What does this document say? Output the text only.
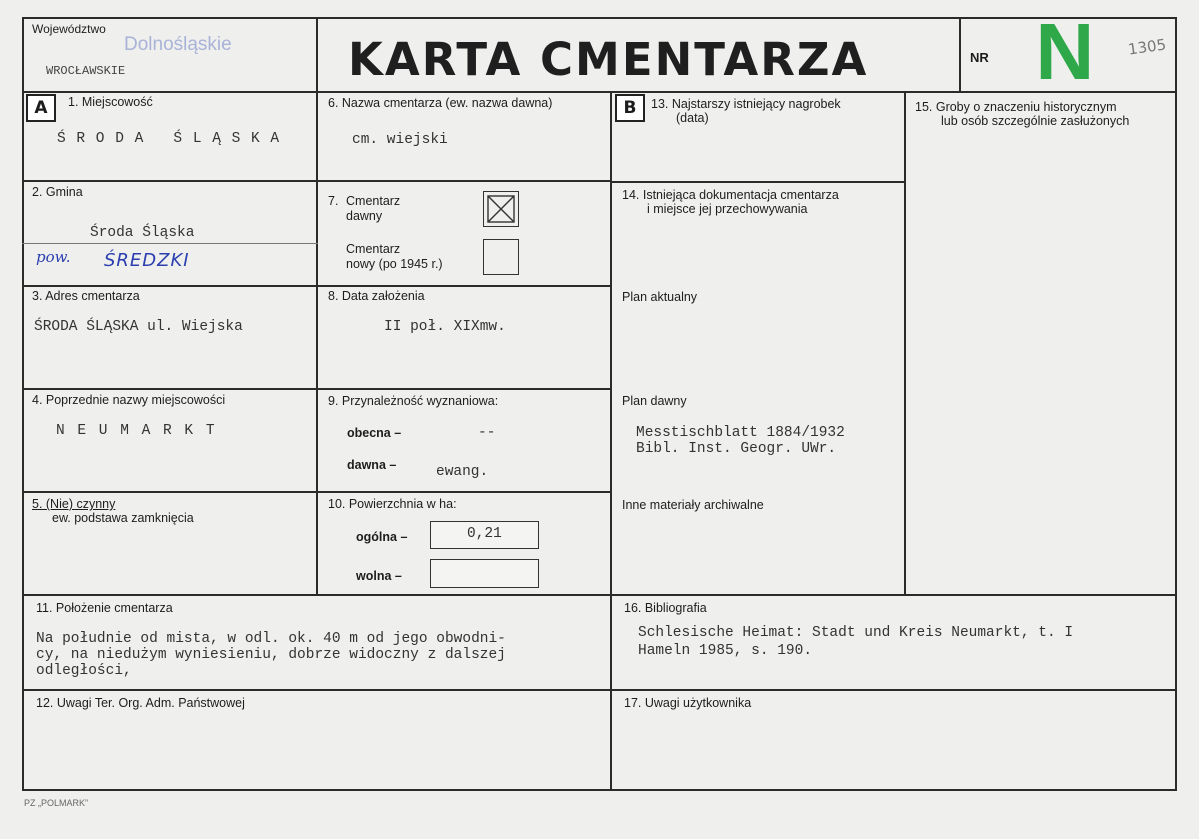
Województwo
Dolnośląskie
WROCŁAWSKIE	KARTA CMENTARZA	NR N 1305
A	B
1. Miejscowość
Ś R O D A   Ś L Ą S K A
2. Gmina
Środa Śląska
pow. ŚREDZKI
3. Adres cmentarza
ŚRODA ŚLĄSKA ul. Wiejska
4. Poprzednie nazwy miejscowości
N E U M A R K T
5. (Nie) czynny
ew. podstawa zamknięcia
6. Nazwa cmentarza (ew. nazwa dawna)
cm. wiejski
7. Cmentarz
dawny
Cmentarz
nowy (po 1945 r.)
8. Data założenia
II poł. XIXmw.
9. Przynależność wyznaniowa:
obecna –	--
dawna –	ewang.
10. Powierzchnia w ha:
ogólna –	0,21
wolna –
13. Najstarszy istniejący nagrobek
(data)
14. Istniejąca dokumentacja cmentarza
i miejsce jej przechowywania
Plan aktualny
Plan dawny
Messtischblatt 1884/1932
Bibl. Inst. Geogr. UWr.
Inne materiały archiwalne
15. Groby o znaczeniu historycznym
lub osób szczególnie zasłużonych
11. Położenie cmentarza
Na południe od mista, w odl. ok. 40 m od jego obwodni-
cy, na niedużym wyniesieniu, dobrze widoczny z dalszej
odległości,
16. Bibliografia
Schlesische Heimat: Stadt und Kreis Neumarkt, t. I
Hameln 1985, s. 190.
12. Uwagi Ter. Org. Adm. Państwowej	17. Uwagi użytkownika
PZ „POLMARK”
